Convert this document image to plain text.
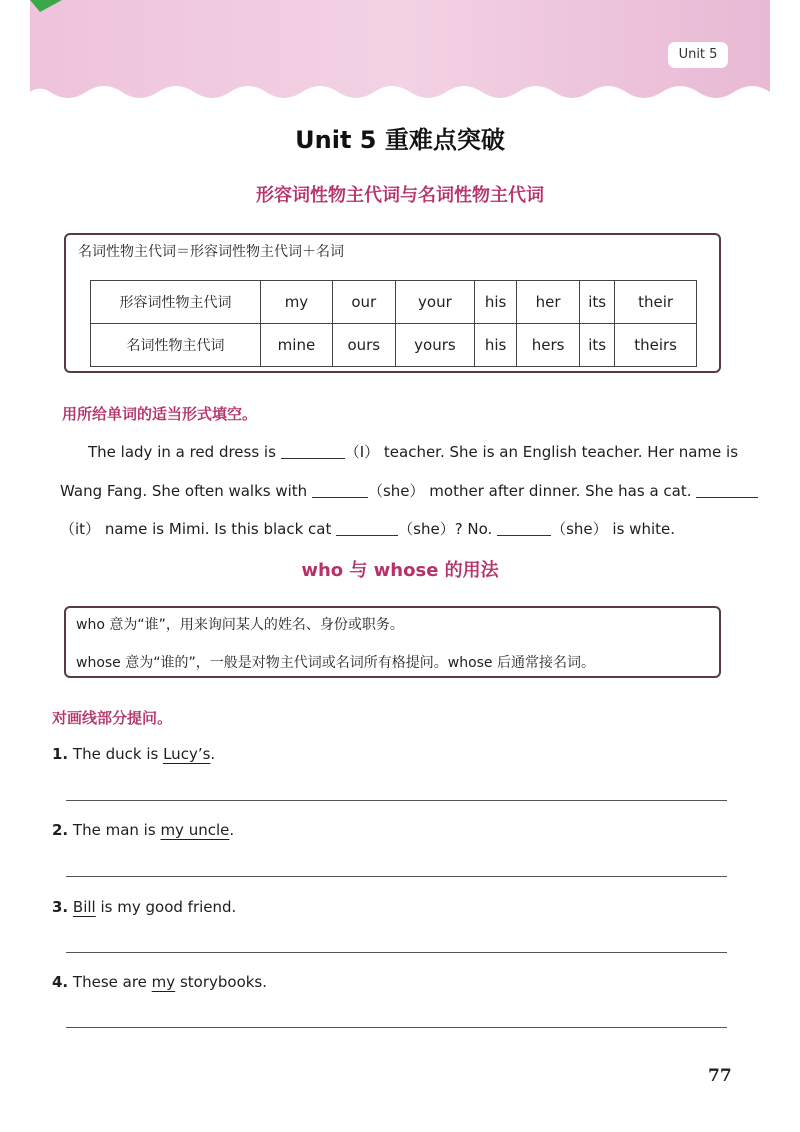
Unit 5
Unit 5 重难点突破
形容词性物主代词与名词性物主代词
名词性物主代词＝形容词性物主代词＋名词
形容词性物主代词	my	our	your	his	her	its	their
名词性物主代词	mine	ours	yours	his	hers	its	theirs
用所给单词的适当形式填空。
The lady in a red dress is	（I） teacher. She is an English teacher. Her name is
Wang Fang. She often walks with	（she） mother after dinner. She has a cat.
（it） name is Mimi. Is this black cat	（she）? No.	（she） is white.
who 与 whose 的用法
who 意为“谁”，用来询问某人的姓名、身份或职务。
whose 意为“谁的”，一般是对物主代词或名词所有格提问。whose 后通常接名词。
对画线部分提问。
1. The duck is Lucy’s.
2. The man is my uncle.
3. Bill is my good friend.
4. These are my storybooks.
77
